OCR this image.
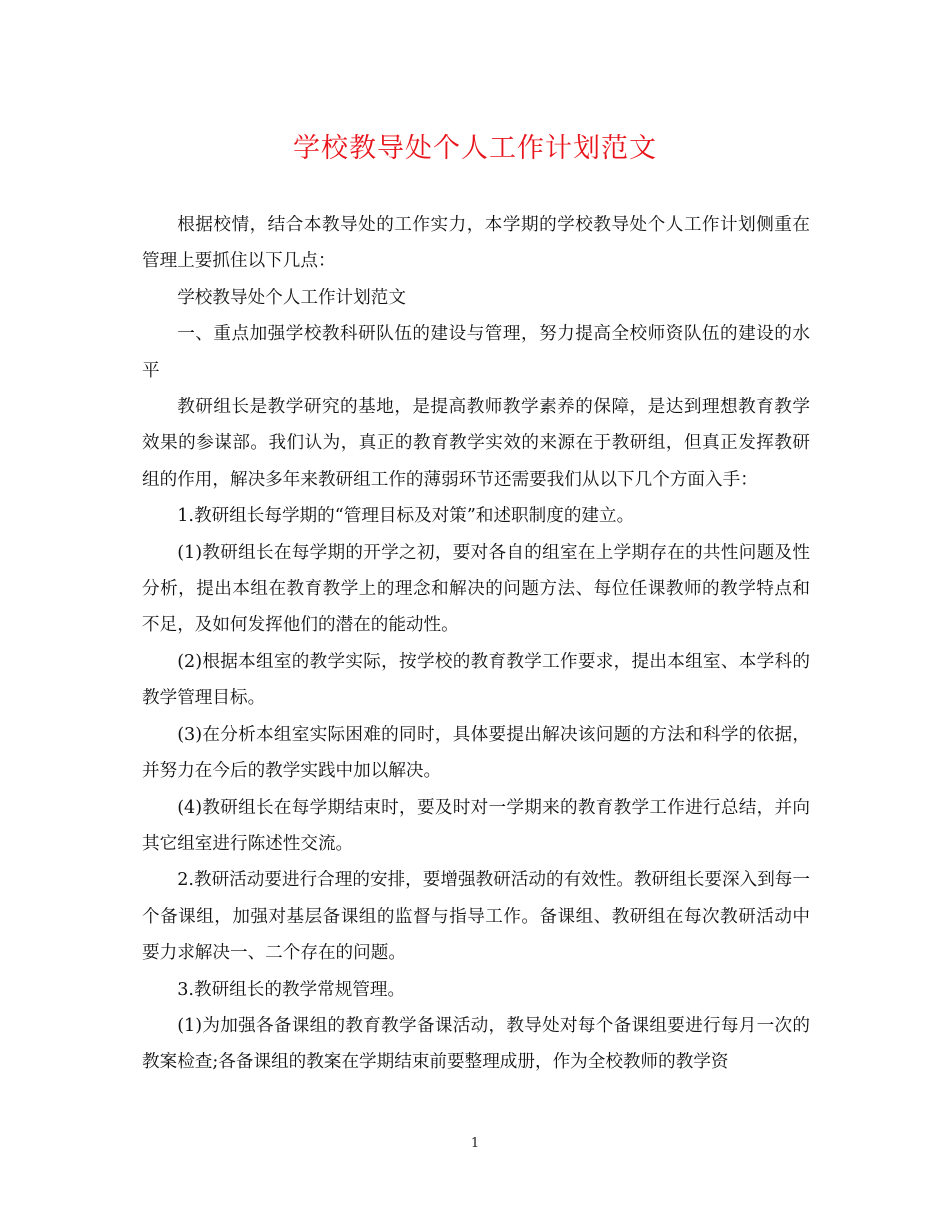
学校教导处个人工作计划范文

根据校情，结合本教导处的工作实力，本学期的学校教导处个人工作计划侧重在管理上要抓住以下几点：

学校教导处个人工作计划范文

一、重点加强学校教科研队伍的建设与管理，努力提高全校师资队伍的建设的水平

教研组长是教学研究的基地，是提高教师教学素养的保障，是达到理想教育教学效果的参谋部。我们认为，真正的教育教学实效的来源在于教研组，但真正发挥教研组的作用，解决多年来教研组工作的薄弱环节还需要我们从以下几个方面入手：

1.教研组长每学期的“管理目标及对策”和述职制度的建立。

(1)教研组长在每学期的开学之初，要对各自的组室在上学期存在的共性问题及性分析，提出本组在教育教学上的理念和解决的问题方法、每位任课教师的教学特点和不足，及如何发挥他们的潜在的能动性。

(2)根据本组室的教学实际，按学校的教育教学工作要求，提出本组室、本学科的教学管理目标。

(3)在分析本组室实际困难的同时，具体要提出解决该问题的方法和科学的依据，并努力在今后的教学实践中加以解决。

(4)教研组长在每学期结束时，要及时对一学期来的教育教学工作进行总结，并向其它组室进行陈述性交流。

2.教研活动要进行合理的安排，要增强教研活动的有效性。教研组长要深入到每一个备课组，加强对基层备课组的监督与指导工作。备课组、教研组在每次教研活动中要力求解决一、二个存在的问题。

3.教研组长的教学常规管理。

(1)为加强各备课组的教育教学备课活动，教导处对每个备课组要进行每月一次的教案检查;各备课组的教案在学期结束前要整理成册，作为全校教师的教学资

1
